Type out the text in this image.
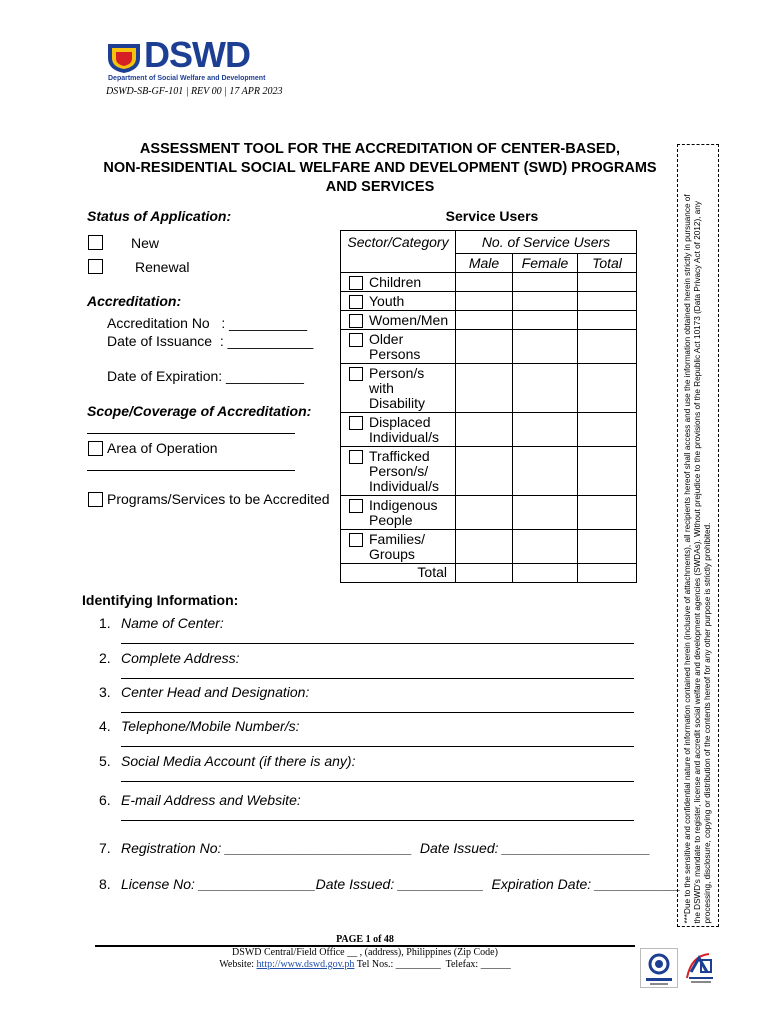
DSWD
Department of Social Welfare and Development
DSWD-SB-GF-101 | REV 00 | 17 APR 2023
ASSESSMENT TOOL FOR THE ACCREDITATION OF CENTER-BASED,
NON-RESIDENTIAL SOCIAL WELFARE AND DEVELOPMENT (SWD) PROGRAMS
AND SERVICES
Status of Application:
New
Renewal
Accreditation:
Accreditation No   : __________
Date of Issuance  : ___________
Date of Expiration: __________
Scope/Coverage of Accreditation:
Area of Operation
Programs/Services to be Accredited
Service Users
Sector/Category	No. of Service Users		
	Male	Female	Total

Children			

Youth			

Women/Men			

Older
Persons			

Person/s with
Disability			

Displaced
Individual/s			

Trafficked
Person/s/
Individual/s			

Indigenous
People			

Families/
Groups			

Total			
Identifying Information:
1. Name of Center:
2. Complete Address:
3. Center Head and Designation:
4. Telephone/Mobile Number/s:
5. Social Media Account (if there is any):
6. E-mail Address and Website:
7. Registration No: ________________________  Date Issued: ___________________
8. License No: _______________Date Issued: ___________  Expiration Date: ___________ ***Due to the sensitive and confidential nature of information contained herein (inclusive of attachments), all recipients hereof shall access and use the information obtained herein strictly in pursuance of the DSWD's mandate to register, license and accredit social welfare and development agencies (SWDAs). Without prejudice to the provisions of the Republic Act 10173 (Data Privacy Act of 2012), any processing, disclosure, copying or distribution of the contents hereof for any other purpose is strictly prohibited.
PAGE 1 of 48
DSWD Central/Field Office __ , (address), Philippines (Zip Code)
Website: http://www.dswd.gov.ph Tel Nos.: _________  Telefax: ______
